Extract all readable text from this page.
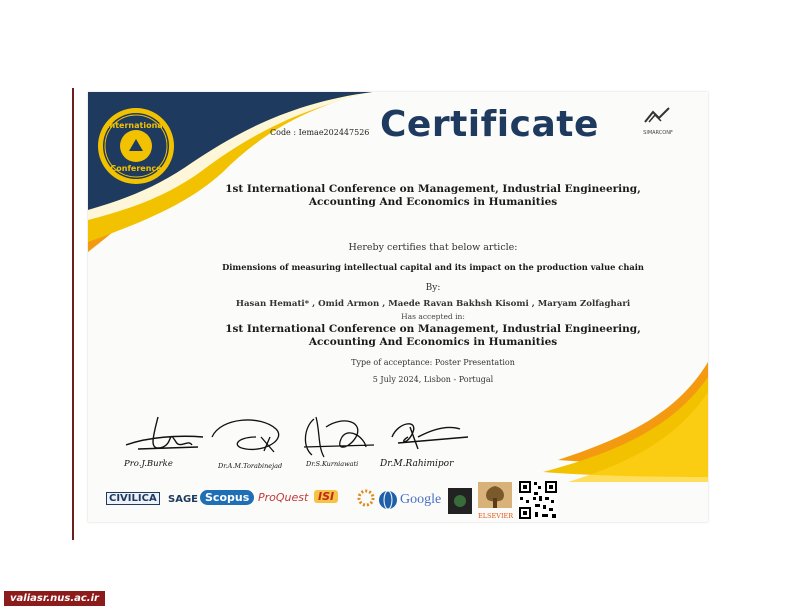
International
Conference
Code : Iemae202447526 Certificate	SIMARCONF
1st International Conference on Management, Industrial Engineering,
Accounting And Economics in Humanities
Hereby certifies that below article:
Dimensions of measuring intellectual capital and its impact on the production value chain
By:
Hasan Hemati* , Omid Armon , Maede Ravan Bakhsh Kisomi , Maryam Zolfaghari
Has accepted in:
1st International Conference on Management, Industrial Engineering,
Accounting And Economics in Humanities
Type of acceptance: Poster Presentation
5 July 2024, Lisbon - Portugal
Pro.J.Burke	Dr.A.M.Torabinejad	Dr.S.Kurniawati Dr.M.Rahimipor
CIVILICA	SAGE Scopus ProQuest ISI	Google
ELSEVIER
valiasr.nus.ac.ir
